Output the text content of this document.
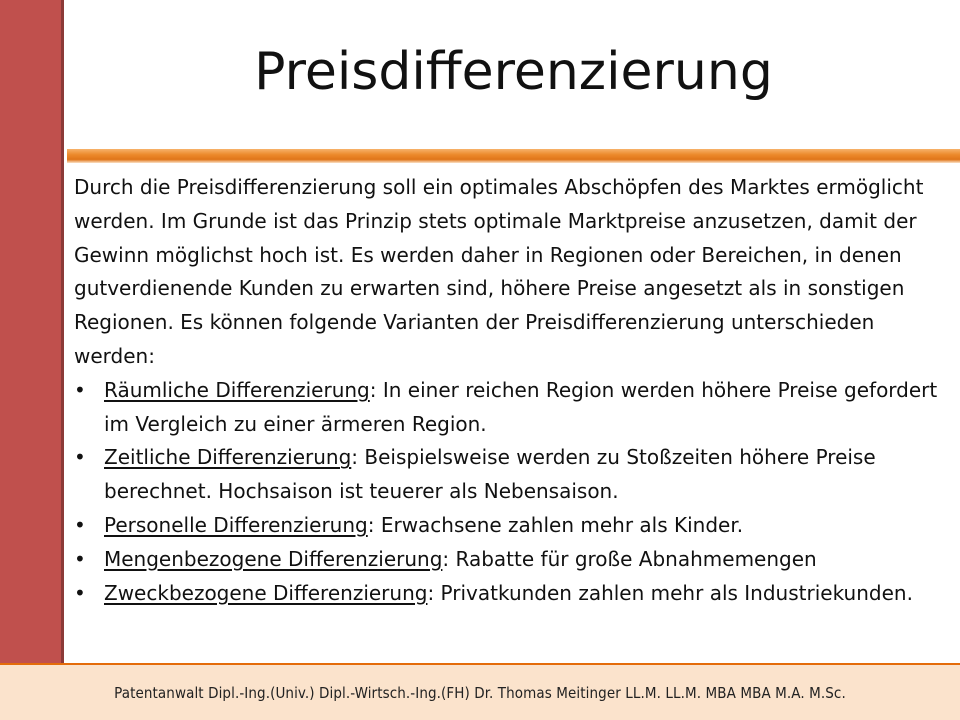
Preisdifferenzierung

Durch die Preisdifferenzierung soll ein optimales Abschöpfen des Marktes ermöglicht werden. Im Grunde ist das Prinzip stets optimale Marktpreise anzusetzen, damit der Gewinn möglichst hoch ist. Es werden daher in Regionen oder Bereichen, in denen gutverdienende Kunden zu erwarten sind, höhere Preise angesetzt als in sonstigen Regionen. Es können folgende Varianten der Preisdifferenzierung unterschieden werden:

• Räumliche Differenzierung: In einer reichen Region werden höhere Preise gefordert im Vergleich zu einer ärmeren Region.
• Zeitliche Differenzierung: Beispielsweise werden zu Stoßzeiten höhere Preise berechnet. Hochsaison ist teuerer als Nebensaison.
• Personelle Differenzierung: Erwachsene zahlen mehr als Kinder.
• Mengenbezogene Differenzierung: Rabatte für große Abnahmemengen
• Zweckbezogene Differenzierung: Privatkunden zahlen mehr als Industriekunden.
Patentanwalt Dipl.-Ing.(Univ.) Dipl.-Wirtsch.-Ing.(FH) Dr. Thomas Meitinger LL.M. LL.M. MBA MBA M.A. M.Sc.
